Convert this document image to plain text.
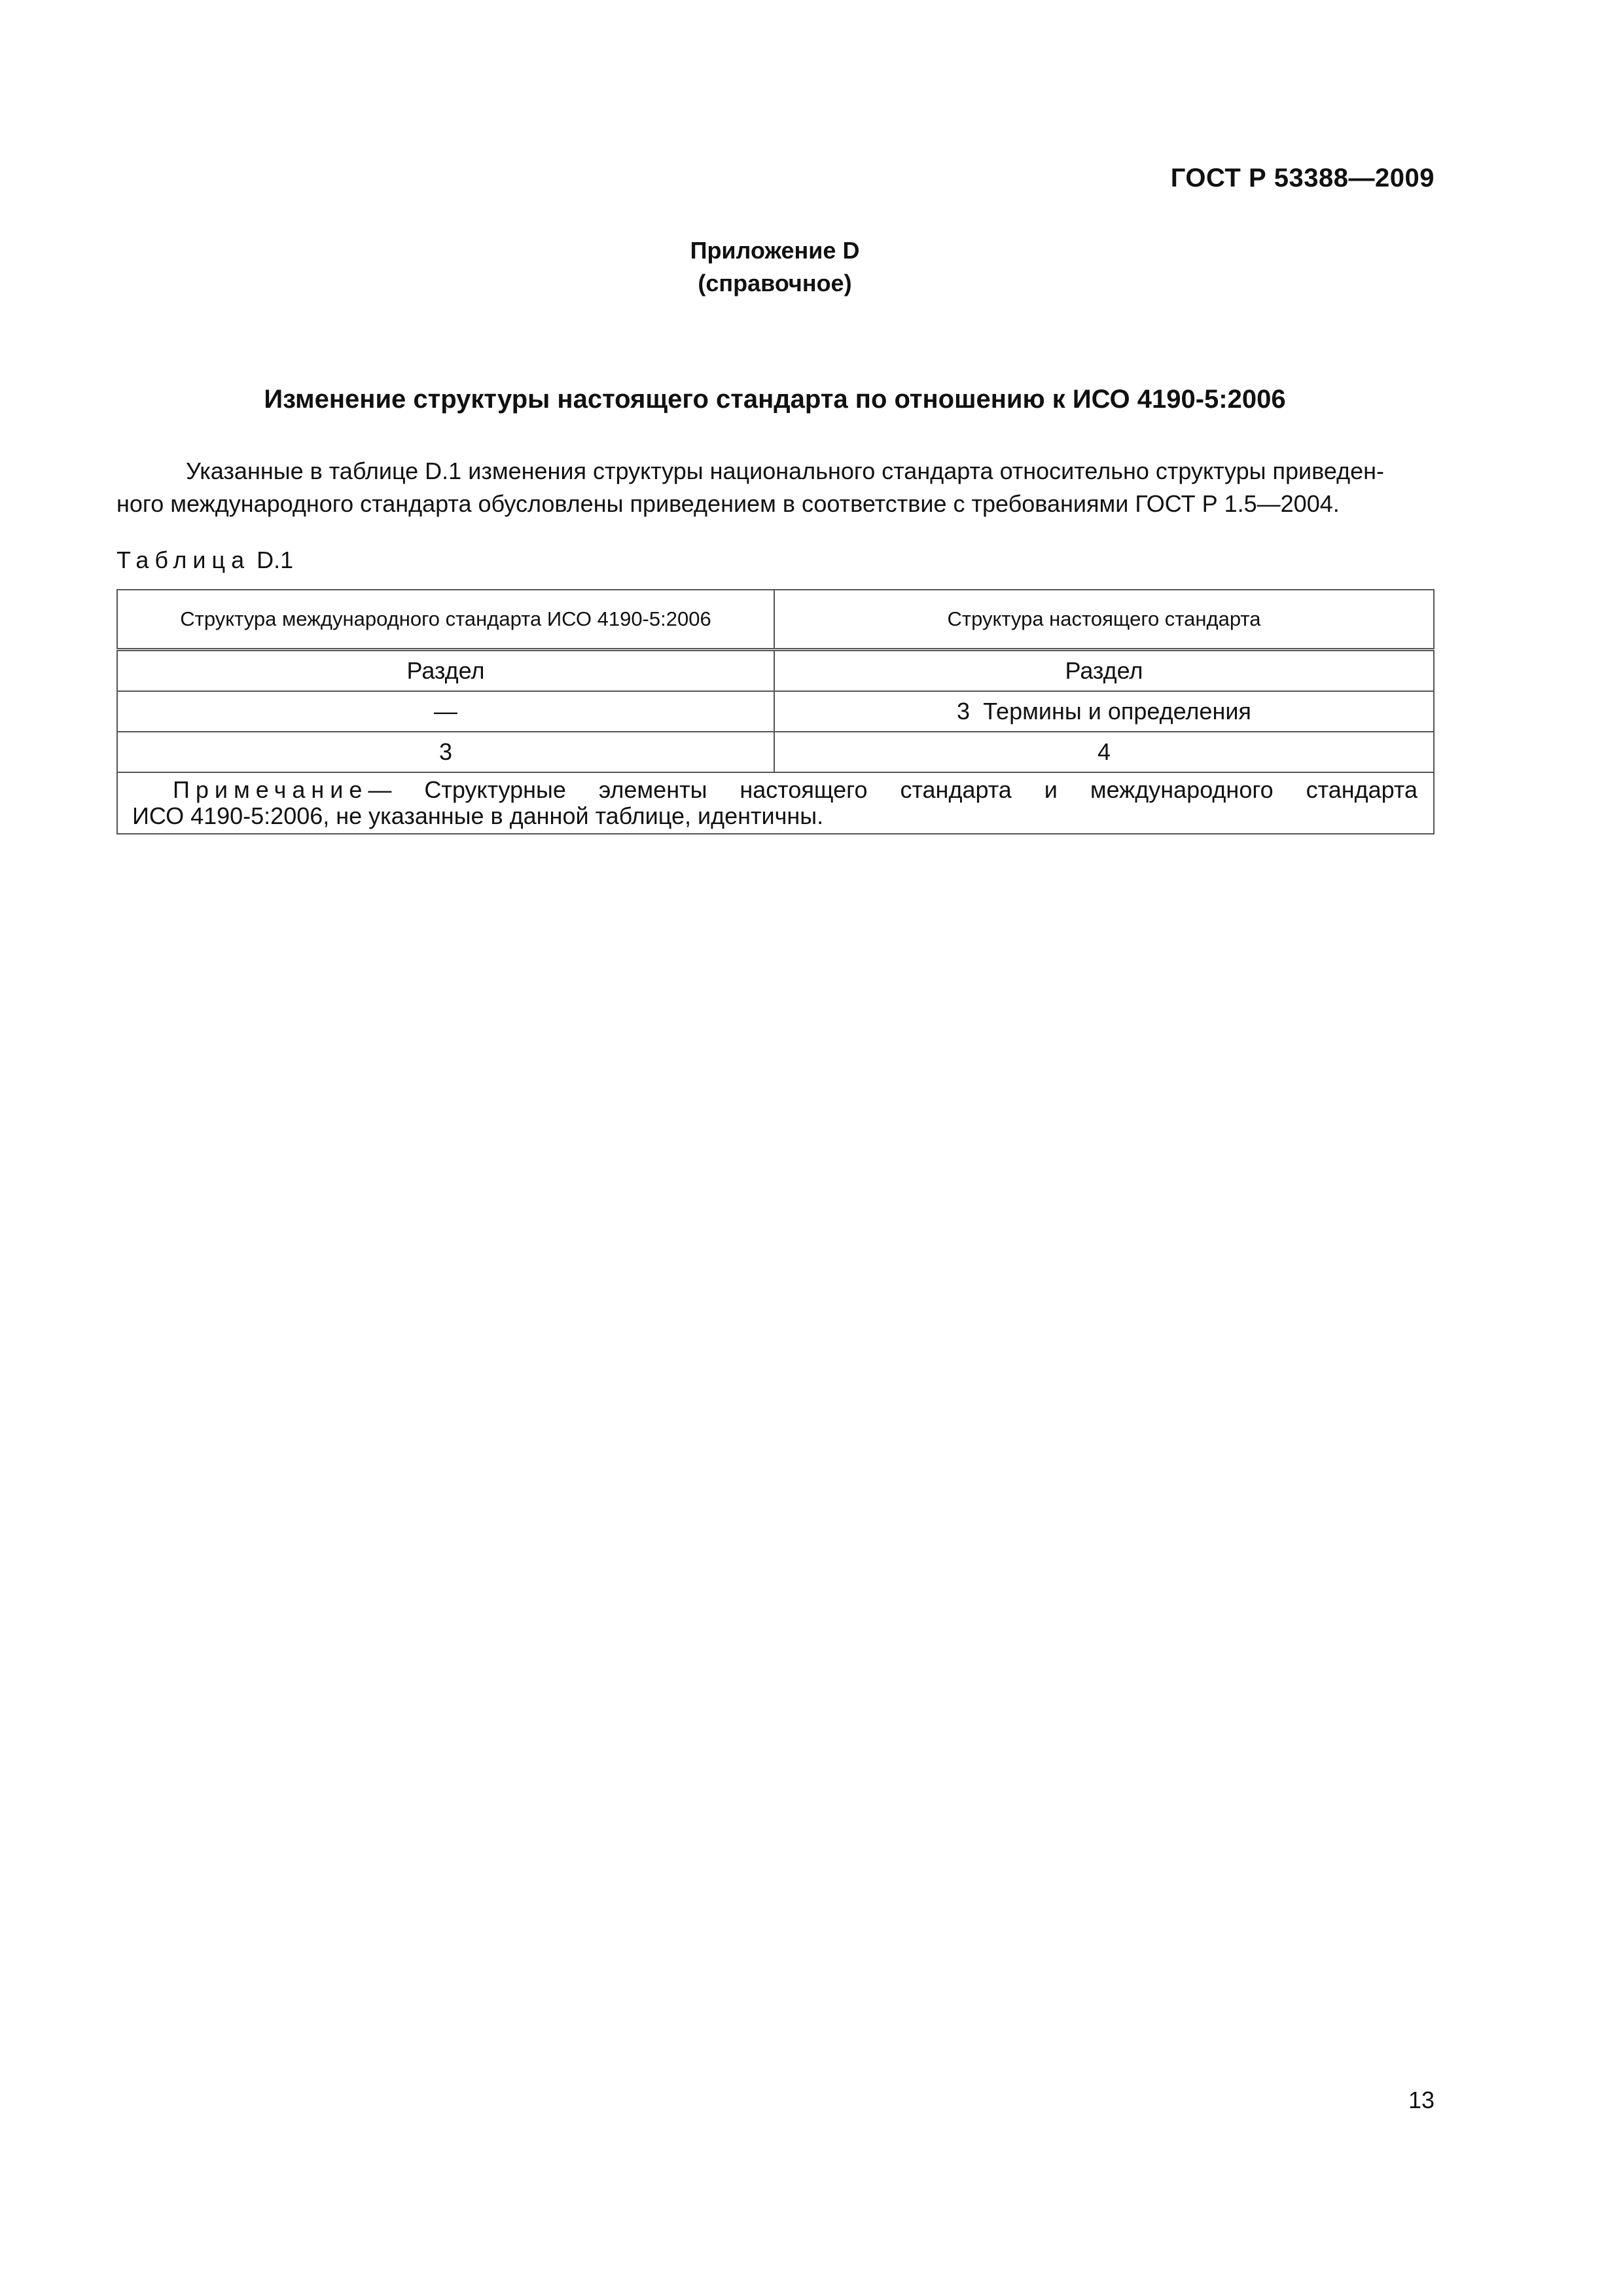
ГОСТ Р 53388—2009
Приложение D
(справочное)
Изменение структуры настоящего стандарта по отношению к ИСО 4190-5:2006
Указанные в таблице D.1 изменения структуры национального стандарта относительно структуры приведен-
ного международного стандарта обусловлены приведением в соответствие с требованиями ГОСТ Р 1.5—2004.
Таблица D.1
Структура международного стандарта ИСО 4190-5:2006	Структура настоящего стандарта
Раздел	Раздел
—	3  Термины и определения
3	4

Примечание— Структурные элементы настоящего стандарта и международного стандарта
ИСО 4190-5:2006, не указанные в данной таблице, идентичны.	
13
